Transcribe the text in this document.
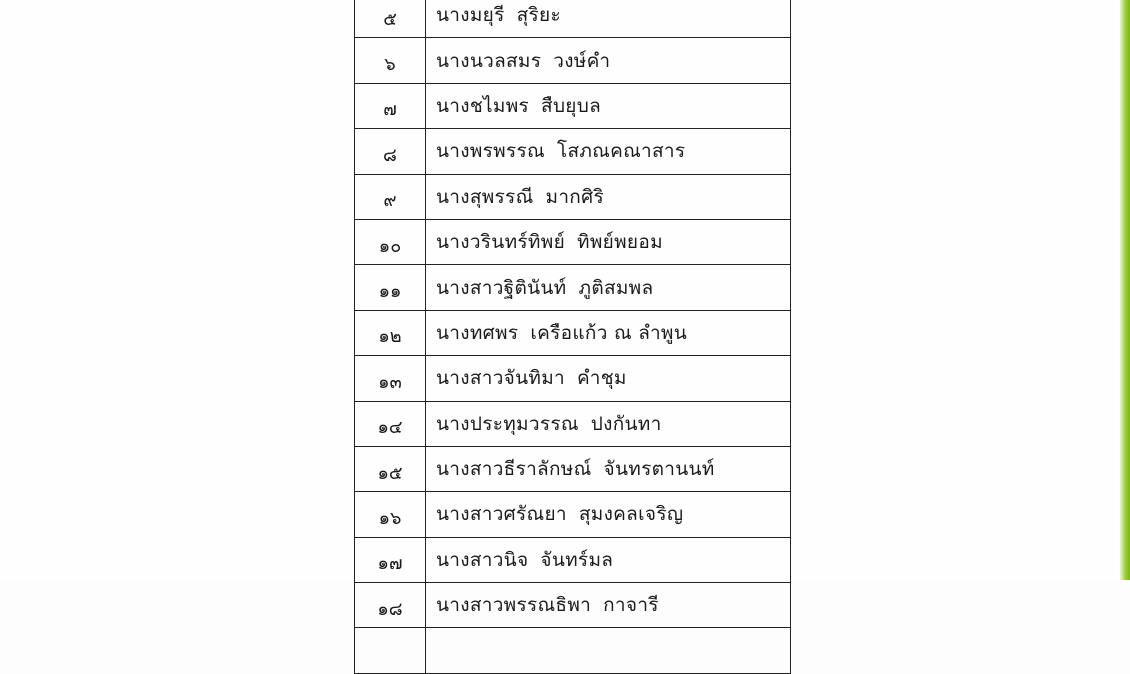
๕	นางมยุรี สุริยะ
๖	นางนวลสมร วงษ์คำ
๗	นางชไมพร สืบยุบล
๘	นางพรพรรณ โสภณคณาสาร
๙	นางสุพรรณี มากศิริ
๑๐	นางวรินทร์ทิพย์ ทิพย์พยอม
๑๑	นางสาวฐิตินันท์ ภูติสมพล
๑๒	นางทศพร เครือแก้ว ณ ลำพูน
๑๓	นางสาวจันทิมา คำชุม
๑๔	นางประทุมวรรณ ปงกันทา
๑๕	นางสาวธีราลักษณ์ จันทรตานนท์
๑๖	นางสาวศรัณยา สุมงคลเจริญ
๑๗	นางสาวนิจ จันทร์มล
๑๘	นางสาวพรรณธิพา กาจารี
